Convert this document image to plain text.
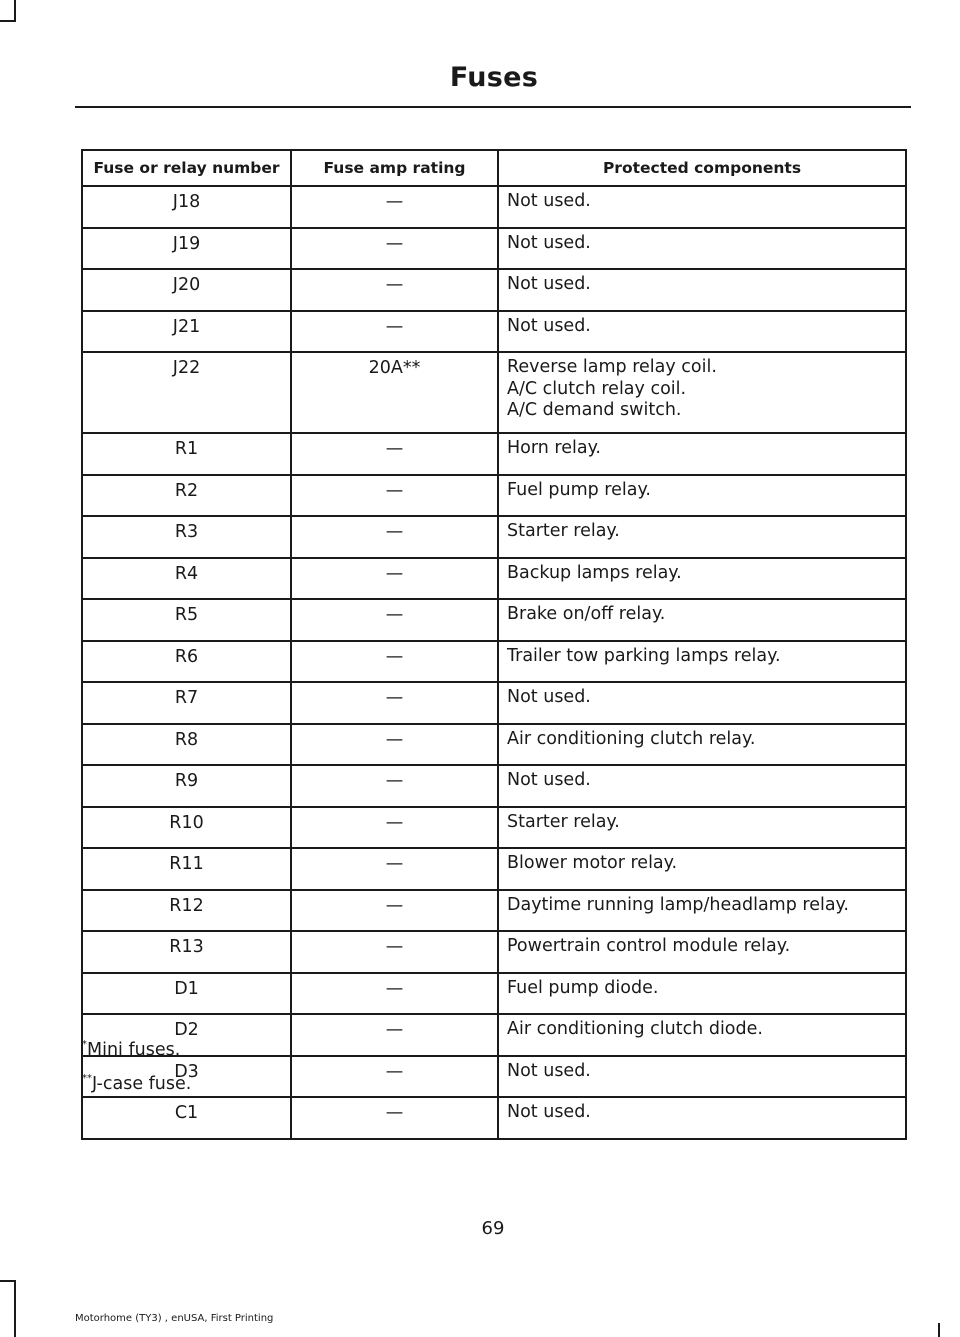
Fuses
Fuse or relay number	Fuse amp rating	Protected components
J18	—	Not used.

J19	—	Not used.

J20	—	Not used.

J21	—	Not used.

J22	20A**	Reverse lamp relay coil.
A/C clutch relay coil.
A/C demand switch.

R1	—	Horn relay.

R2	—	Fuel pump relay.

R3	—	Starter relay.

R4	—	Backup lamps relay.

R5	—	Brake on/off relay.

R6	—	Trailer tow parking lamps relay.

R7	—	Not used.

R8	—	Air conditioning clutch relay.

R9	—	Not used.

R10	—	Starter relay.

R11	—	Blower motor relay.

R12	—	Daytime running lamp/headlamp relay.

R13	—	Powertrain control module relay.

D1	—	Fuel pump diode.

D2	—	Air conditioning clutch diode.

D3	—	Not used.

C1	—	Not used.

*Mini fuses.

**J-case fuse.

69
Motorhome (TY3) , enUSA, First Printing
